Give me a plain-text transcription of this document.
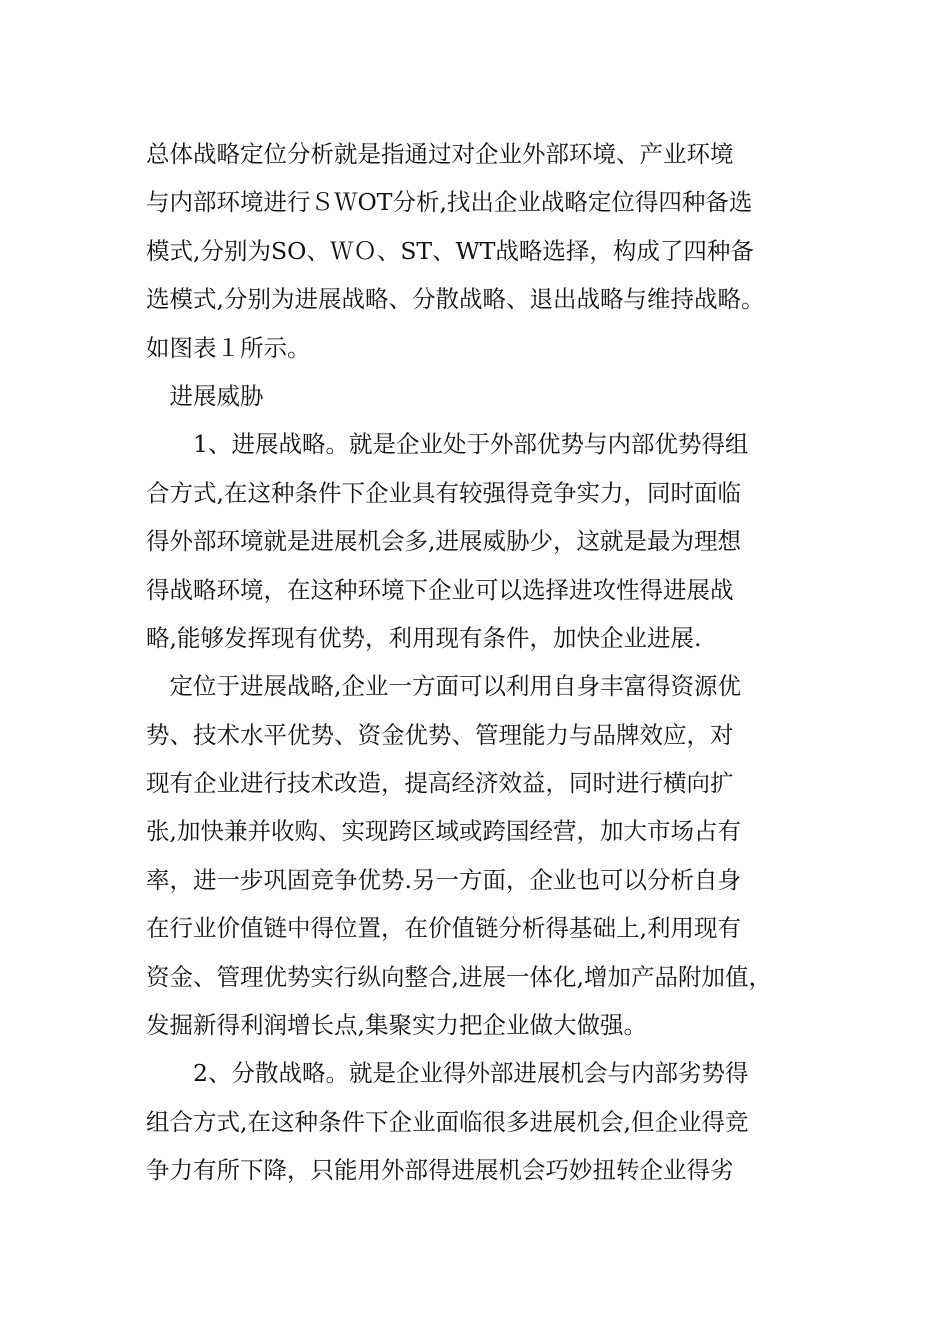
总体战略定位分析就是指通过对企业外部环境、产业环境
与内部环境进行ＳＷOT分析,找出企业战略定位得四种备选
模式,分别为SO、ＷＯ、ST、WT战略选择，构成了四种备
选模式,分别为进展战略、分散战略、退出战略与维持战略。
如图表１所示。
　进展威胁
　　1、进展战略。就是企业处于外部优势与内部优势得组
合方式,在这种条件下企业具有较强得竞争实力，同时面临
得外部环境就是进展机会多,进展威胁少，这就是最为理想
得战略环境，在这种环境下企业可以选择进攻性得进展战
略,能够发挥现有优势，利用现有条件，加快企业进展.
　定位于进展战略,企业一方面可以利用自身丰富得资源优
势、技术水平优势、资金优势、管理能力与品牌效应，对
现有企业进行技术改造，提高经济效益，同时进行横向扩
张,加快兼并收购、实现跨区域或跨国经营，加大市场占有
率，进一步巩固竞争优势.另一方面，企业也可以分析自身
在行业价值链中得位置，在价值链分析得基础上,利用现有
资金、管理优势实行纵向整合,进展一体化,增加产品附加值，
发掘新得利润增长点,集聚实力把企业做大做强。
　　2、分散战略。就是企业得外部进展机会与内部劣势得
组合方式,在这种条件下企业面临很多进展机会,但企业得竞
争力有所下降，只能用外部得进展机会巧妙扭转企业得劣
